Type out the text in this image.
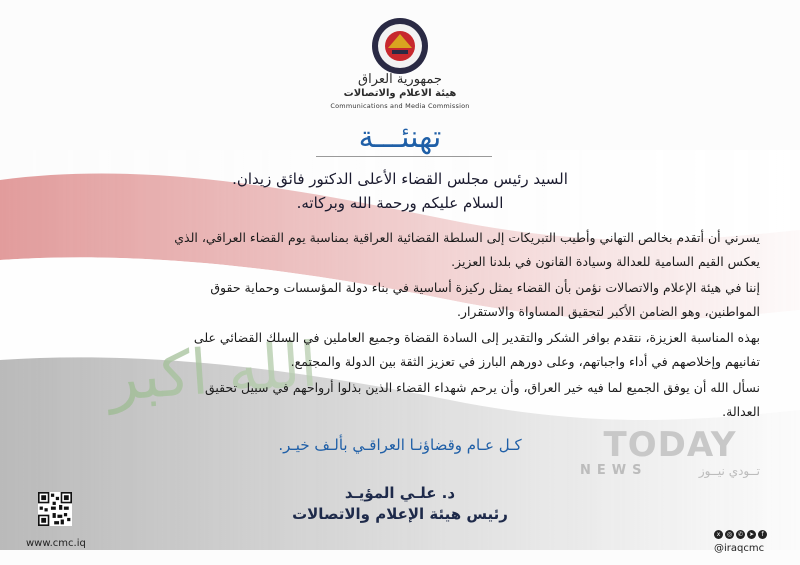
جمهورية العراق
هيئة الاعلام والاتصالات
Communications and Media Commission
تهنئـــة
السيد رئيس مجلس القضاء الأعلى الدكتور فائق زيدان.
السلام عليكم ورحمة الله وبركاته.
يسرني أن أتقدم بخالص التهاني وأطيب التبريكات إلى السلطة القضائية العراقية بمناسبة يوم القضاء العراقي، الذي
يعكس القيم السامية للعدالة وسيادة القانون في بلدنا العزيز.
إننا في هيئة الإعلام والاتصالات نؤمن بأن القضاء يمثل ركيزة أساسية في بناء دولة المؤسسات وحماية حقوق
المواطنين، وهو الضامن الأكبر لتحقيق المساواة والاستقرار.
بهذه المناسبة العزيزة، نتقدم بوافر الشكر والتقدير إلى السادة القضاة وجميع العاملين في السلك القضائي على
تفانيهم وإخلاصهم في أداء واجباتهم، وعلى دورهم البارز في تعزيز الثقة بين الدولة والمجتمع.
نسأل الله أن يوفق الجميع لما فيه خير العراق، وأن يرحم شهداء القضاء الذين بذلوا أرواحهم في سبيل تحقيق
العدالة.
كـل عـام وقضاؤنـا العراقـي بألـف خيـر.	TODAY
NEWS	تــودي نيــوز
د. علـي المؤيـد
رئيس هيئة الإعلام والاتصالات
www.cmc.iq
x	◎ ✆ ➤	f
@iraqcmc
